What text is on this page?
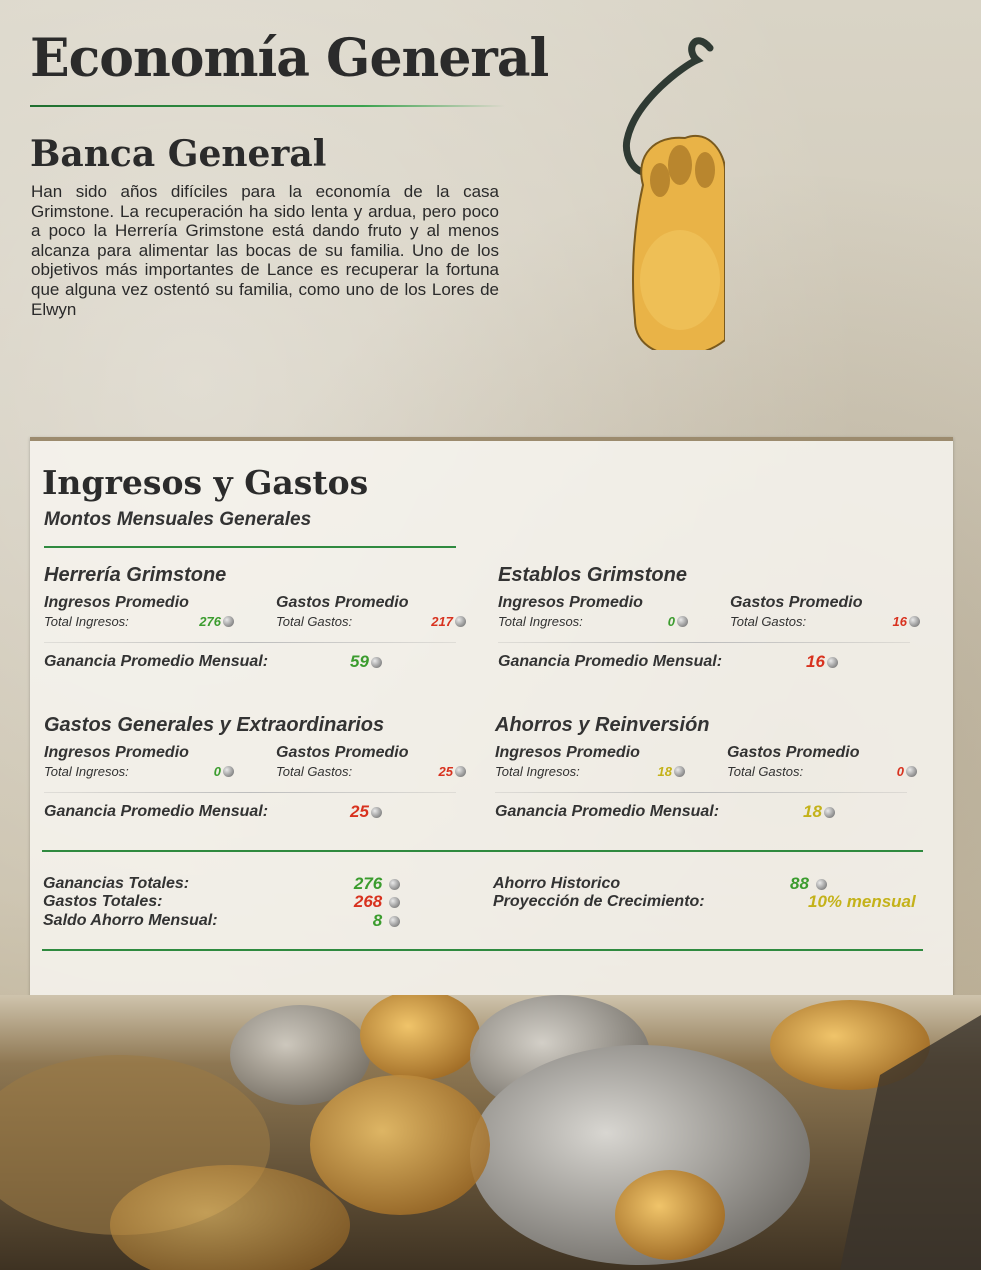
Economía General
Banca General

Han sido años difíciles para la economía de la casa Grimstone. La recuperación ha sido lenta y ardua, pero poco a poco la Herrería Grimstone está dando fruto y al menos alcanza para alimentar las bocas de su familia. Uno de los objetivos más importantes de Lance es recuperar la fortuna que alguna vez ostentó su familia, como uno de los Lores de Elwyn

Ingresos y Gastos
Montos Mensuales Generales
Herrería Grimstone
Ingresos Promedio
Total Ingresos:	276
Gastos Promedio
Total Gastos:	217
Ganancia Promedio Mensual:	59
Establos Grimstone
Ingresos Promedio
Total Ingresos:	0
Gastos Promedio
Total Gastos:	16
Ganancia Promedio Mensual:	16
Gastos Generales y Extraordinarios
Ingresos Promedio
Total Ingresos:	0
Gastos Promedio
Total Gastos:	25
Ganancia Promedio Mensual:	25
Ahorros y Reinversión
Ingresos Promedio
Total Ingresos:	18
Gastos Promedio
Total Gastos:	0
Ganancia Promedio Mensual:	18
Ganancias Totales:	276
Gastos Totales:	268
Saldo Ahorro Mensual:	8
Ahorro Historico	88
Proyección de Crecimiento:	10% mensual
